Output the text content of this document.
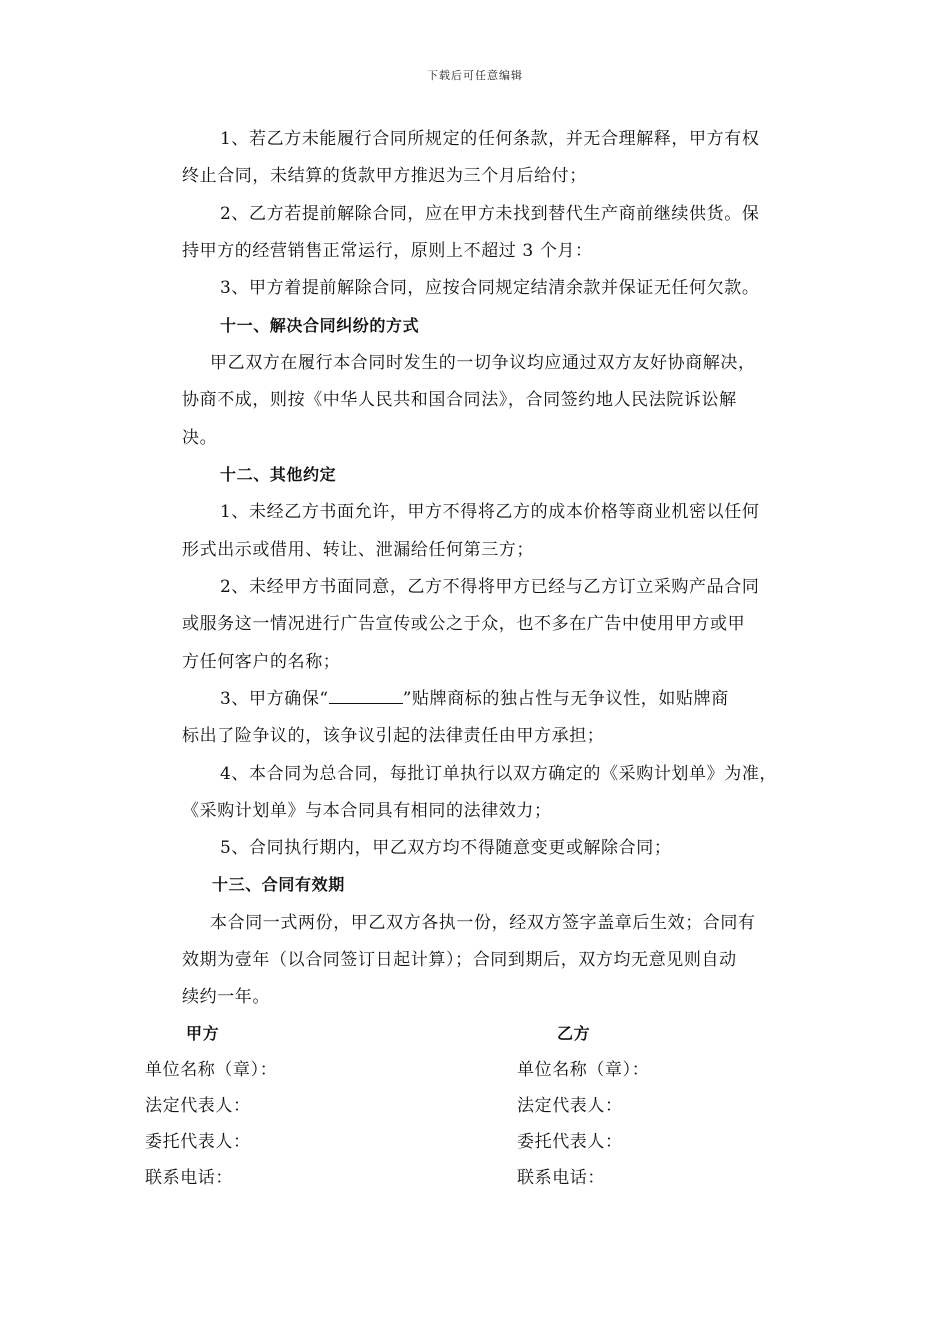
下载后可任意编辑
1、若乙方未能履行合同所规定的任何条款，并无合理解释，甲方有权
终止合同，未结算的货款甲方推迟为三个月后给付；
2、乙方若提前解除合同，应在甲方未找到替代生产商前继续供货。保
持甲方的经营销售正常运行，原则上不超过 3 个月：
3、甲方着提前解除合同，应按合同规定结清余款并保证无任何欠款。
十一、解决合同纠纷的方式
甲乙双方在履行本合同时发生的一切争议均应通过双方友好协商解决，
协商不成，则按《中华人民共和国合同法》，合同签约地人民法院诉讼解
决。
十二、其他约定
1、未经乙方书面允许，甲方不得将乙方的成本价格等商业机密以任何
形式出示或借用、转让、泄漏给任何第三方；
2、未经甲方书面同意，乙方不得将甲方已经与乙方订立采购产品合同
或服务这一情况进行广告宣传或公之于众，也不多在广告中使用甲方或甲
方任何客户的名称；
3、甲方确保“	”贴牌商标的独占性与无争议性，如贴牌商
标出了险争议的，该争议引起的法律责任由甲方承担；
4、本合同为总合同，每批订单执行以双方确定的《采购计划单》为准，
《采购计划单》与本合同具有相同的法律效力；
5、合同执行期内，甲乙双方均不得随意变更或解除合同；
十三、合同有效期
本合同一式两份，甲乙双方各执一份，经双方签字盖章后生效；合同有
效期为壹年（以合同签订日起计算）；合同到期后，双方均无意见则自动
续约一年。
甲方	乙方
单位名称（章）：	单位名称（章）：
法定代表人：	法定代表人：
委托代表人：	委托代表人：
联系电话：	联系电话：
